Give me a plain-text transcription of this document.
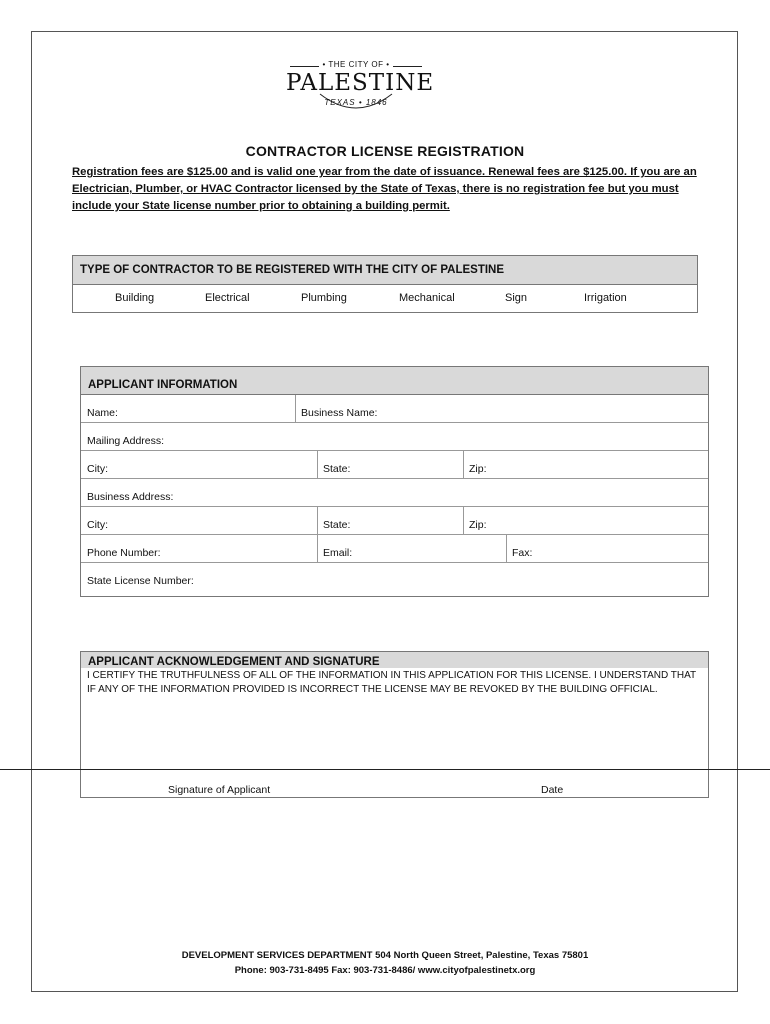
• THE CITY OF •
PALESTINE
TEXAS • 1846
CONTRACTOR LICENSE REGISTRATION
Registration fees are $125.00 and is valid one year from the date of issuance. Renewal fees are $125.00. If you are an Electrician, Plumber, or HVAC Contractor licensed by the State of Texas, there is no registration fee but you must include your State license number prior to obtaining a building permit.
TYPE OF CONTRACTOR TO BE REGISTERED WITH THE CITY OF PALESTINE
Building	Electrical	Plumbing	Mechanical	Sign	Irrigation
APPLICANT INFORMATION
Name:	Business Name:
Mailing Address:
City:	State:	Zip:
Business Address:
City:	State:	Zip:
Phone Number:	Email:	Fax:
State License Number:
APPLICANT ACKNOWLEDGEMENT AND SIGNATURE
I CERTIFY THE TRUTHFULNESS OF ALL OF THE INFORMATION IN THIS APPLICATION FOR THIS LICENSE. I UNDERSTAND THAT IF ANY OF THE INFORMATION PROVIDED IS INCORRECT THE LICENSE MAY BE REVOKED BY THE BUILDING OFFICIAL.
Signature of Applicant	Date
DEVELOPMENT SERVICES DEPARTMENT 504 North Queen Street, Palestine, Texas 75801
Phone: 903-731-8495 Fax: 903-731-8486/ www.cityofpalestinetx.org
